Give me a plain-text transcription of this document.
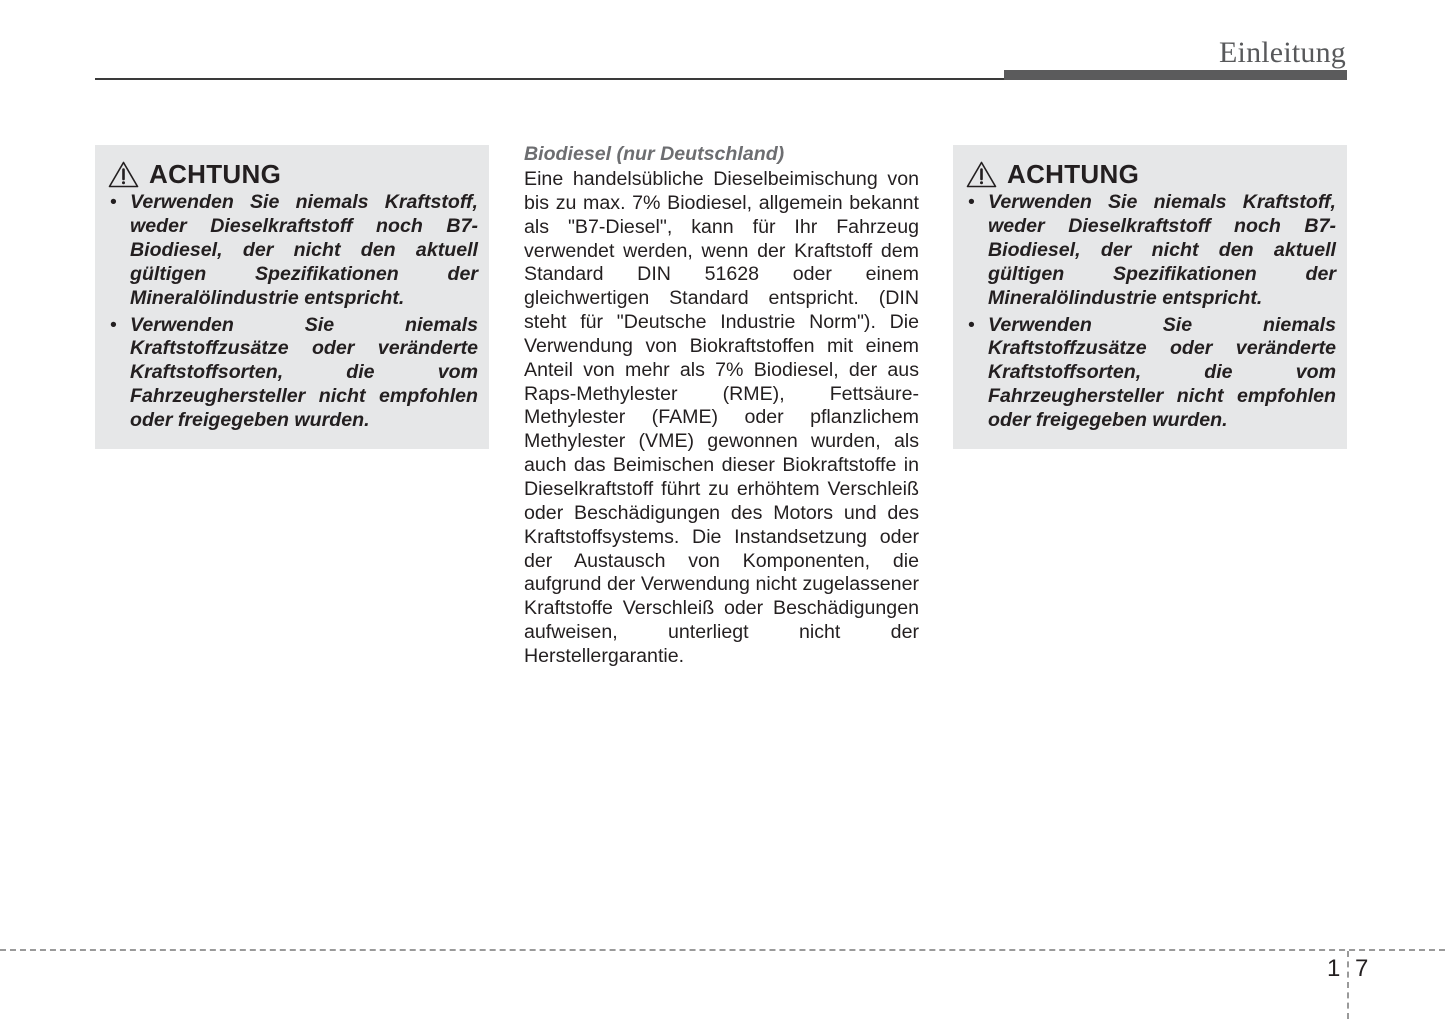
Einleitung
ACHTUNG
• Verwenden Sie niemals Kraftstoff, weder Dieselkraftstoff noch B7-Biodiesel, der nicht den aktuell gültigen Spezifikationen der Mineralölindustrie entspricht.
• Verwenden Sie niemals Kraftstoffzusätze oder veränderte Kraftstoffsorten, die vom Fahrzeughersteller nicht empfohlen oder freigegeben wurden.
Biodiesel (nur Deutschland)

Eine handelsübliche Dieselbeimischung von bis zu max. 7% Biodiesel, allgemein bekannt als "B7-Diesel", kann für Ihr Fahrzeug verwendet werden, wenn der Kraftstoff dem Standard DIN 51628 oder einem gleichwertigen Standard entspricht. (DIN steht für "Deutsche Industrie Norm"). Die Verwendung von Biokraftstoffen mit einem Anteil von mehr als 7% Biodiesel, der aus Raps-Methylester (RME), Fettsäure-Methylester (FAME) oder pflanzlichem Methylester (VME) gewonnen wurden, als auch das Beimischen dieser Biokraftstoffe in Dieselkraftstoff führt zu erhöhtem Verschleiß oder Beschädigungen des Motors und des Kraftstoffsystems. Die Instandsetzung oder der Austausch von Komponenten, die aufgrund der Verwendung nicht zugelassener Kraftstoffe Verschleiß oder Beschädigungen aufweisen, unterliegt nicht der Herstellergarantie.

ACHTUNG
• Verwenden Sie niemals Kraftstoff, weder Dieselkraftstoff noch B7-Biodiesel, der nicht den aktuell gültigen Spezifikationen der Mineralölindustrie entspricht.
• Verwenden Sie niemals Kraftstoffzusätze oder veränderte Kraftstoffsorten, die vom Fahrzeughersteller nicht empfohlen oder freigegeben wurden.
1 7
